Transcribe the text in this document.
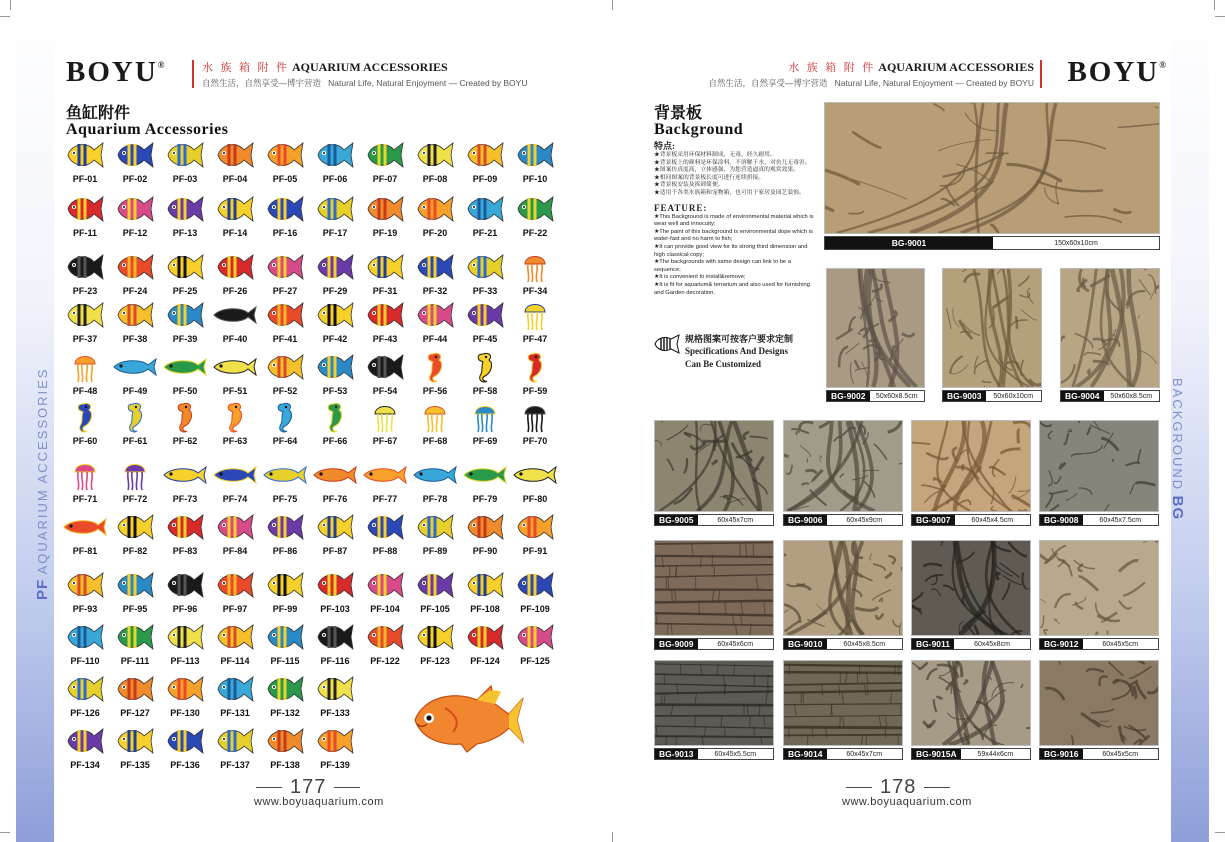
PF AQUARIUM ACCESSORIES	BACKGROUND BG
BOYU®	水 族 箱 附 件 AQUARIUM ACCESSORIES
自然生活，自然享受—博宇营造 Natural Life, Natural Enjoyment — Created by BOYU
水 族 箱 附 件 AQUARIUM ACCESSORIES
自然生活，自然享受—博宇营造 Natural Life, Natural Enjoyment — Created by BOYU BOYU®
鱼缸附件
Aquarium Accessories
PF-01	PF-02	PF-03	PF-04	PF-05	PF-06	PF-07	PF-08	PF-09	PF-10
PF-11	PF-12	PF-13	PF-14	PF-16	PF-17	PF-19	PF-20	PF-21	PF-22
PF-23	PF-24	PF-25	PF-26	PF-27	PF-29	PF-31	PF-32	PF-33	PF-34
PF-37	PF-38	PF-39	PF-40	PF-41	PF-42	PF-43	PF-44	PF-45	PF-47
PF-48	PF-49	PF-50	PF-51	PF-52	PF-53	PF-54	PF-56	PF-58	PF-59
PF-60	PF-61	PF-62	PF-63	PF-64	PF-66	PF-67	PF-68	PF-69	PF-70
PF-71	PF-72	PF-73	PF-74	PF-75	PF-76	PF-77	PF-78	PF-79	PF-80
PF-81	PF-82	PF-83	PF-84	PF-86	PF-87	PF-88	PF-89	PF-90	PF-91
PF-93	PF-95	PF-96	PF-97	PF-99	PF-103	PF-104	PF-105	PF-108	PF-109
PF-110	PF-111	PF-113	PF-114	PF-115	PF-116	PF-122	PF-123	PF-124	PF-125
PF-126	PF-127	PF-130	PF-131	PF-132	PF-133
PF-134	PF-135	PF-136	PF-137	PF-138	PF-139
177
www.boyuaquarium.com
背景板
Background
特点:
★背景板采用环保材料制成，无毒，经久耐用。
★背景板上的颜料是环保涂料，不溶解于水，对鱼儿无毒害。
★图案仿真度高，立体感强，为您营造逼真的观赏效果。
★相同图案的背景板长度可进行连续拼接。
★背景板安装及拆卸简便。
★适用于各类水族箱和宠物箱，也可用于家居及园艺装饰。
FEATURE:
★This Background is made of environmental material which is wear well and innocuity;
★The paint of this background is environmental dope which is water-fast and no harm to fish;
★It can provide good view for its strong third dimension and high classical copy;
★The backgrounds with same design can link to be a sequence;
★It is convenient to install&remove;
★It is fit for aquarium& terrarium and also used for furnishing and Garden decoration.
规格图案可按客户要求定制
Specifications And Designs
Can Be Customized
BG-9001	150x60x10cm
BG-9002	50x60x8.5cm	BG-9003	50x60x10cm	BG-9004	50x60x8.5cm
BG-9005	60x45x7cm	BG-9006	60x45x9cm	BG-9007	60x45x4.5cm	BG-9008	60x45x7.5cm
BG-9009	60x45x6cm	BG-9010	60x45x8.5cm	BG-9011	60x45x8cm	BG-9012	60x45x5cm
BG-9013	60x45x5.5cm	BG-9014	60x45x7cm	BG-9015A	59x44x6cm	BG-9016	60x45x5cm
178
www.boyuaquarium.com
